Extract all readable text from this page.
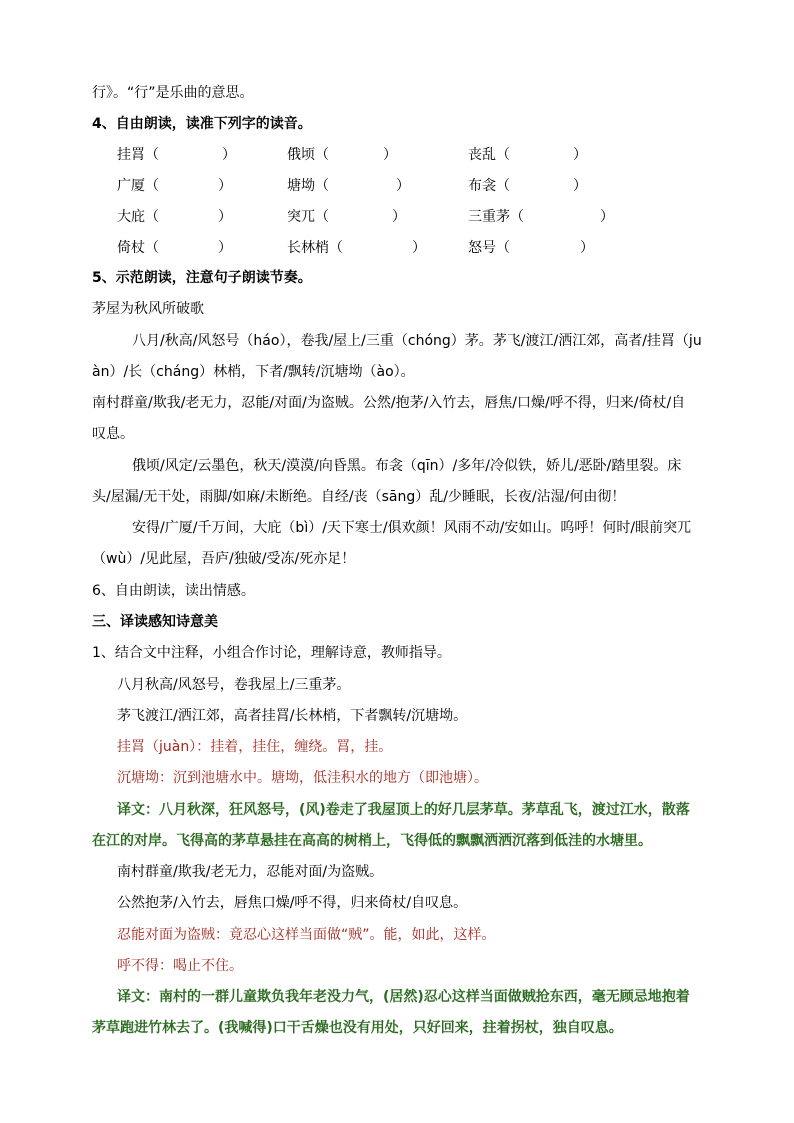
行》。“行”是乐曲的意思。
4、自由朗读，读准下列字的读音。
挂罥（	）	俄顷（	）	丧乱（	）
广厦（	）	塘坳（	）	布衾（	）
大庇（	）	突兀（	）	三重茅（	）
倚杖（	）	长林梢（	）	怒号（	）
5、示范朗读，注意句子朗读节奏。
茅屋为秋风所破歌
八月/秋高/风怒号（háo），卷我/屋上/三重（chóng）茅。茅飞/渡江/洒江郊，高者/挂罥（ju
àn）/长（cháng）林梢，下者/飘转/沉塘坳（ào）。
南村群童/欺我/老无力，忍能/对面/为盗贼。公然/抱茅/入竹去，唇焦/口燥/呼不得，归来/倚杖/自
叹息。
俄顷/风定/云墨色，秋天/漠漠/向昏黑。布衾（qīn）/多年/冷似铁，娇儿/恶卧/踏里裂。床
头/屋漏/无干处，雨脚/如麻/未断绝。自经/丧（sāng）乱/少睡眠，长夜/沾湿/何由彻！
安得/广厦/千万间，大庇（bì）/天下寒士/俱欢颜！风雨不动/安如山。呜呼！何时/眼前突兀
（wù）/见此屋，吾庐/独破/受冻/死亦足！
6、自由朗读，读出情感。
三、译读感知诗意美
1、结合文中注释，小组合作讨论，理解诗意，教师指导。
八月秋高/风怒号，卷我屋上/三重茅。
茅飞渡江/洒江郊，高者挂罥/长林梢，下者飘转/沉塘坳。
挂罥（juàn）：挂着，挂住，缠绕。罥，挂。
沉塘坳：沉到池塘水中。塘坳，低洼积水的地方（即池塘）。
译文：八月秋深，狂风怒号，(风)卷走了我屋顶上的好几层茅草。茅草乱飞，渡过江水，散落
在江的对岸。飞得高的茅草悬挂在高高的树梢上，飞得低的飘飘洒洒沉落到低洼的水塘里。
南村群童/欺我/老无力，忍能对面/为盗贼。
公然抱茅/入竹去，唇焦口燥/呼不得，归来倚杖/自叹息。
忍能对面为盗贼：竟忍心这样当面做“贼”。能，如此，这样。
呼不得：喝止不住。
译文：南村的一群儿童欺负我年老没力气，(居然)忍心这样当面做贼抢东西，毫无顾忌地抱着
茅草跑进竹林去了。(我喊得)口干舌燥也没有用处，只好回来，拄着拐杖，独自叹息。
